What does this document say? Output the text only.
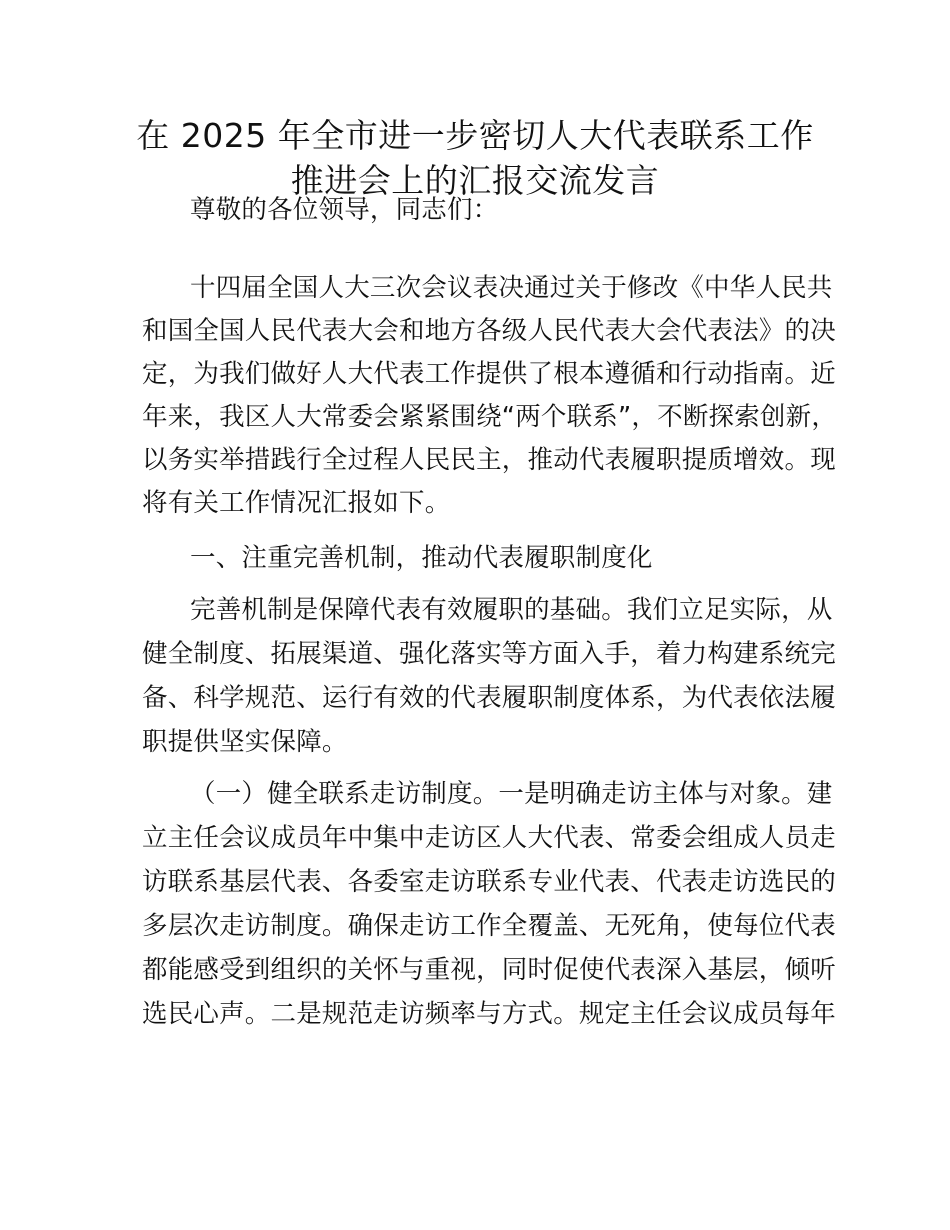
在 2025 年全市进一步密切人大代表联系工作
推进会上的汇报交流发言
尊敬的各位领导，同志们：
十四届全国人大三次会议表决通过关于修改《中华人民共
和国全国人民代表大会和地方各级人民代表大会代表法》的决
定，为我们做好人大代表工作提供了根本遵循和行动指南。近
年来，我区人大常委会紧紧围绕“两个联系”，不断探索创新，
以务实举措践行全过程人民民主，推动代表履职提质增效。现
将有关工作情况汇报如下。
一、注重完善机制，推动代表履职制度化
完善机制是保障代表有效履职的基础。我们立足实际，从
健全制度、拓展渠道、强化落实等方面入手，着力构建系统完
备、科学规范、运行有效的代表履职制度体系，为代表依法履
职提供坚实保障。
（一）健全联系走访制度。一是明确走访主体与对象。建
立主任会议成员年中集中走访区人大代表、常委会组成人员走
访联系基层代表、各委室走访联系专业代表、代表走访选民的
多层次走访制度。确保走访工作全覆盖、无死角，使每位代表
都能感受到组织的关怀与重视，同时促使代表深入基层，倾听
选民心声。二是规范走访频率与方式。规定主任会议成员每年
